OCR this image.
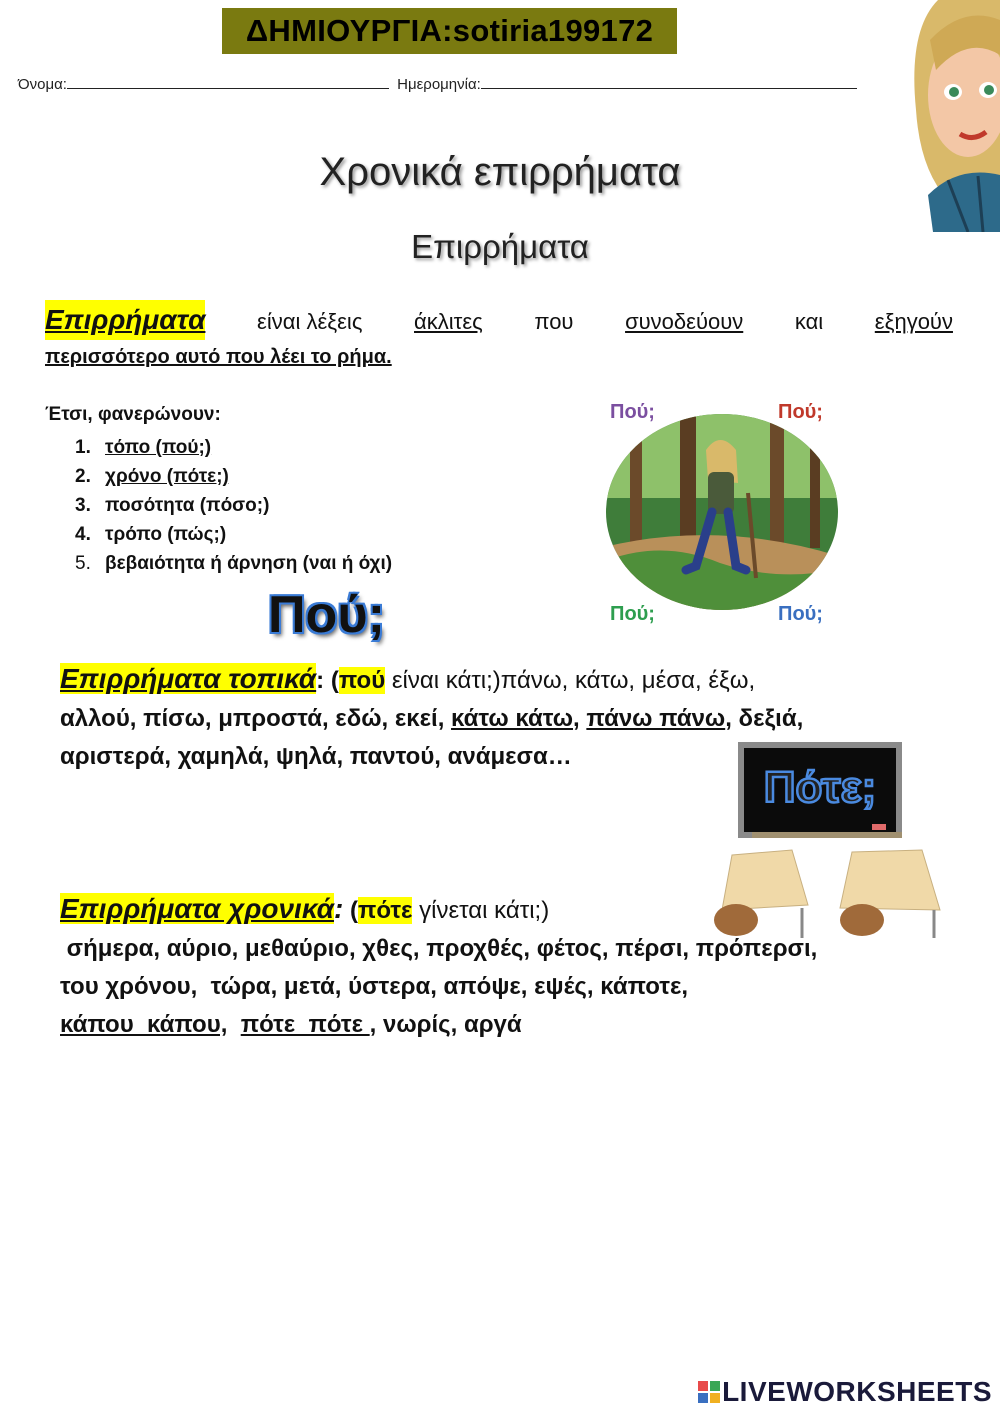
ΔΗΜΙΟΥΡΓΙΑ:sotiria199172
Όνομα:	Ημερομηνία:
Χρονικά επιρρήματα
Επιρρήματα
Επιρρήματα είναι λέξεις άκλιτες που συνοδεύουν και εξηγούν
περισσότερο αυτό που λέει το ρήμα.
Έτσι, φανερώνουν:
1. τόπο (πού;)
2. χρόνο (πότε;)
3. ποσότητα (πόσο;)
4. τρόπο (πώς;)
5. βεβαιότητα ή άρνηση (ναι ή όχι)
Πού;	Πού;
Πού;	Πού;
Πού;
Επιρρήματα τοπικά: (πού είναι κάτι;)πάνω, κάτω, μέσα, έξω,
αλλού, πίσω, μπροστά, εδώ, εκεί, κάτω κάτω, πάνω πάνω, δεξιά,
αριστερά, χαμηλά, ψηλά, παντού, ανάμεσα…
Πότε;
Επιρρήματα χρονικά: (πότε γίνεται κάτι;)
σήμερα, αύριο, μεθαύριο, χθες, προχθές, φέτος, πέρσι, πρόπερσι,
του χρόνου,  τώρα, μετά, ύστερα, απόψε, εψές, κάποτε,
κάπου  κάπου, πότε  πότε , νωρίς, αργά
LIVEWORKSHEETS
